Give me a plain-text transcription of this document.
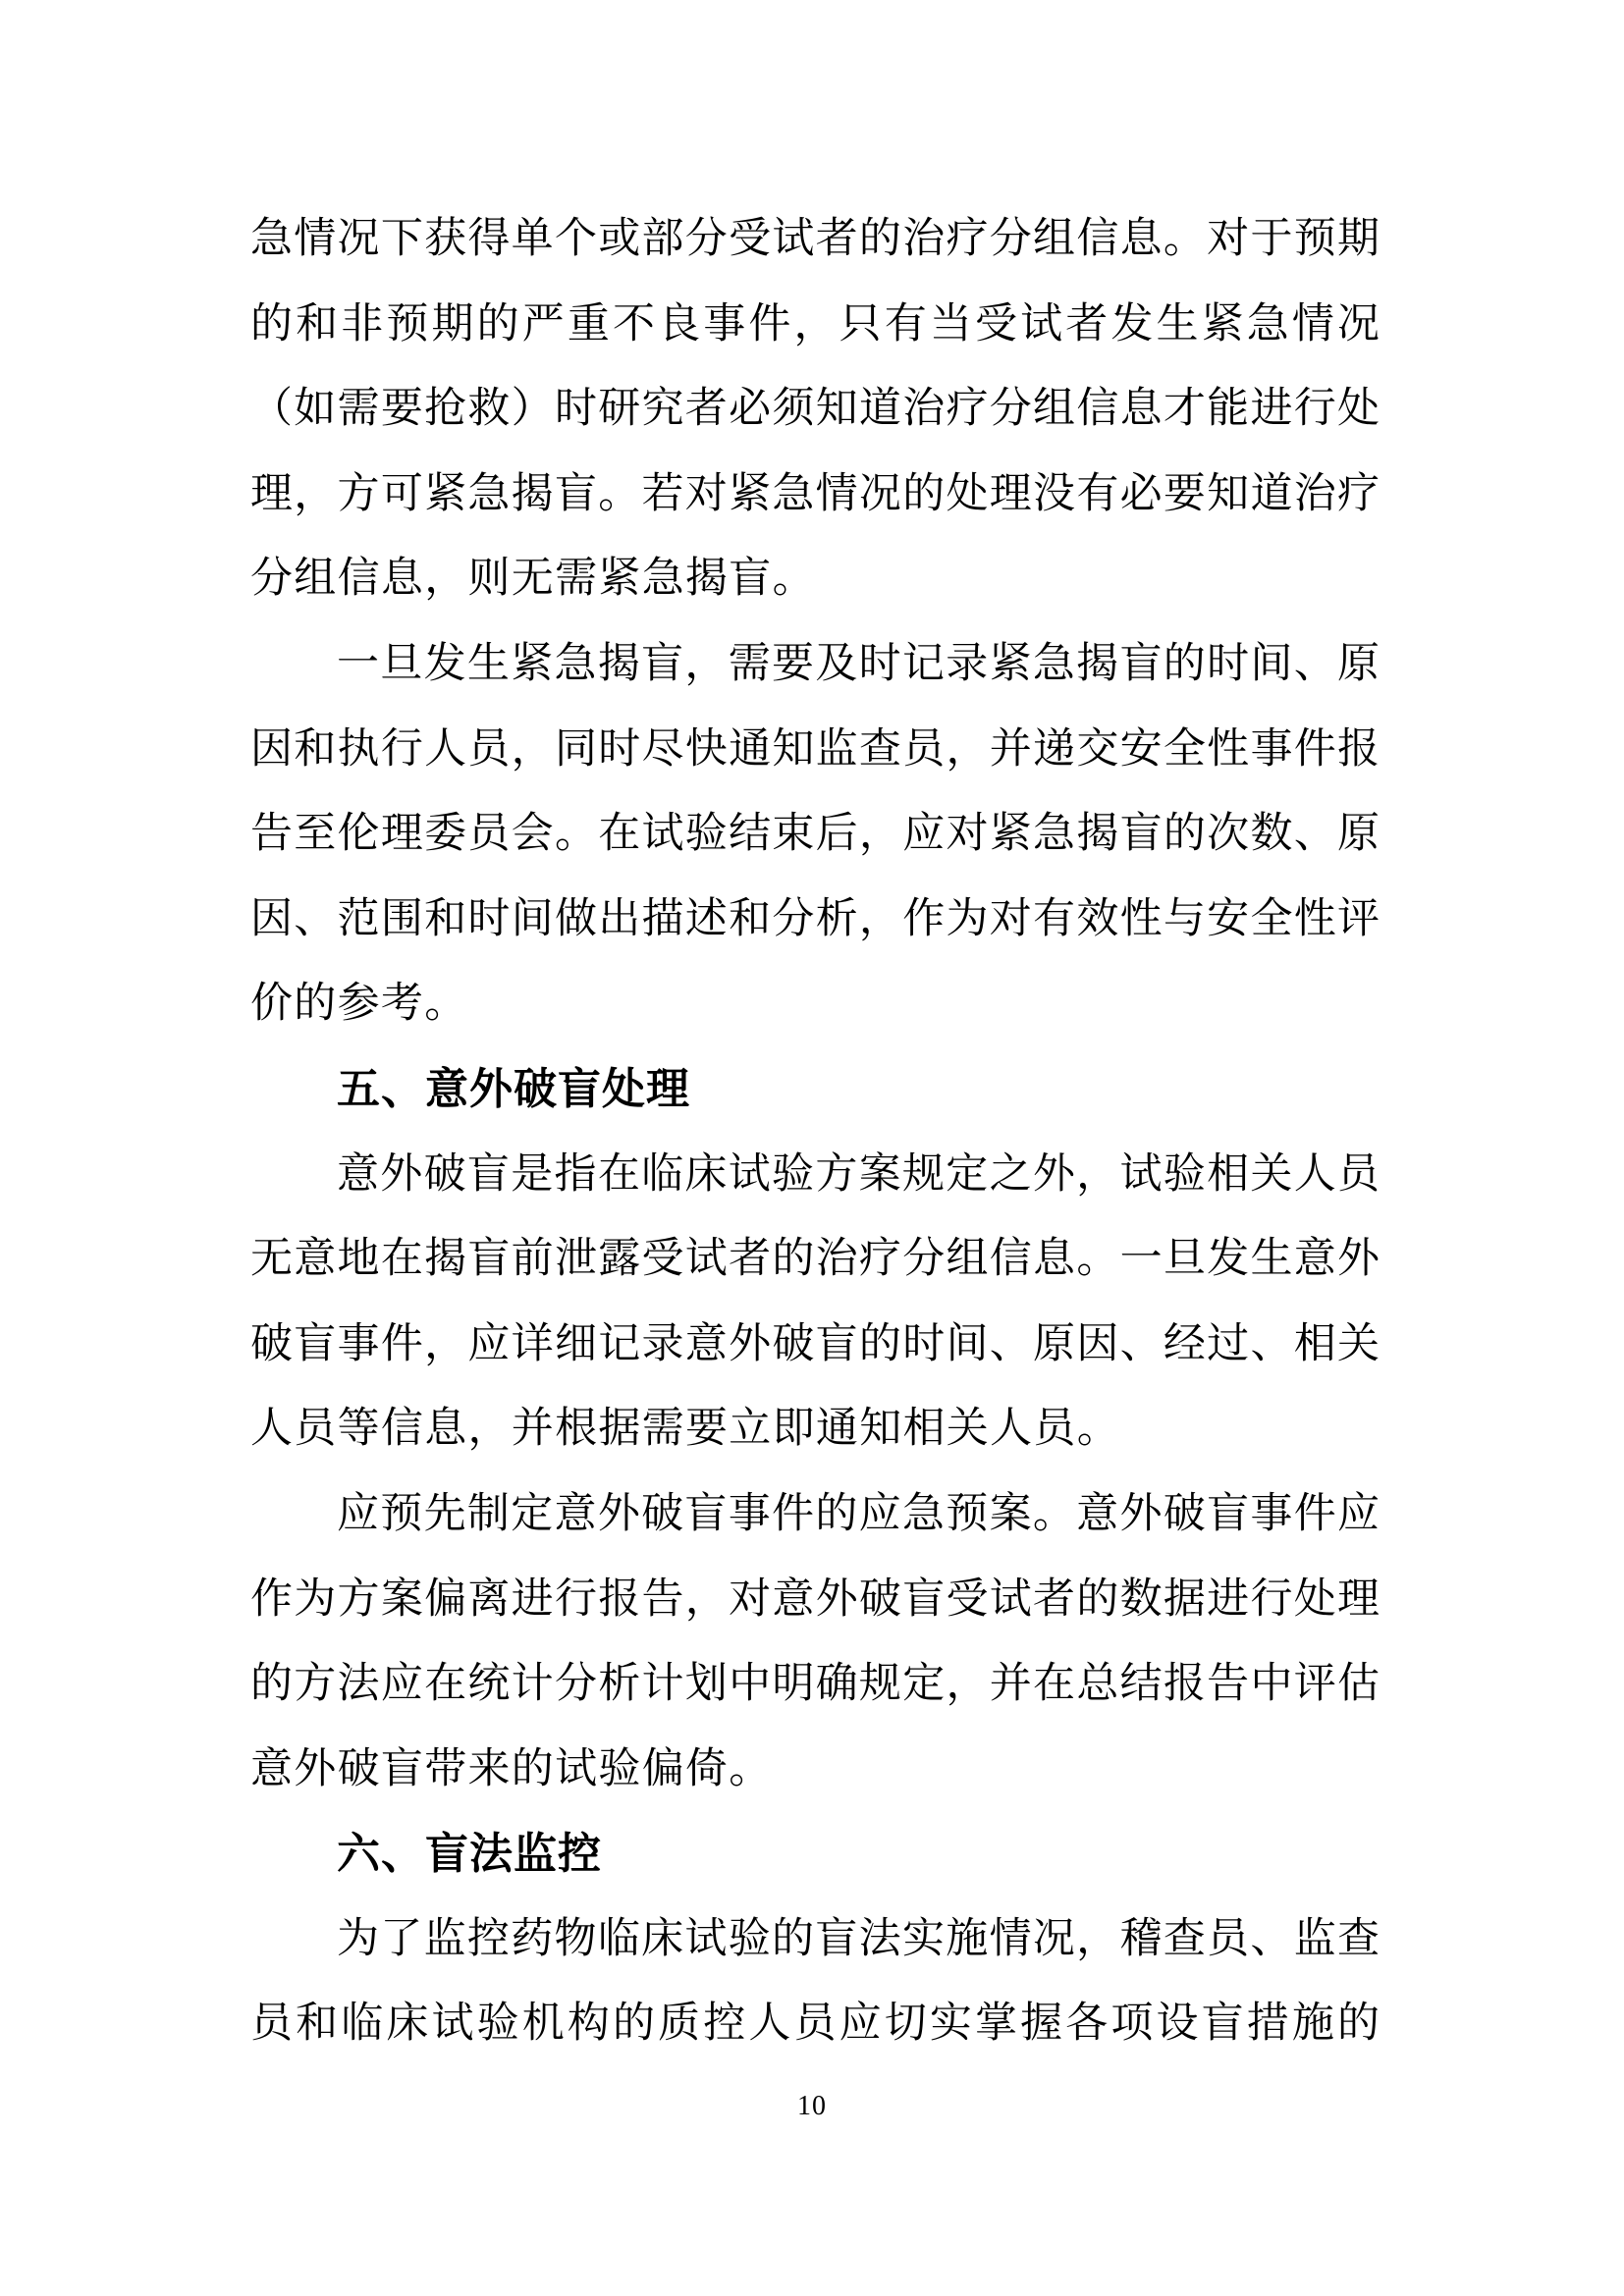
急情况下获得单个或部分受试者的治疗分组信息。对于预期
的和非预期的严重不良事件，只有当受试者发生紧急情况
（如需要抢救）时研究者必须知道治疗分组信息才能进行处
理，方可紧急揭盲。若对紧急情况的处理没有必要知道治疗
分组信息，则无需紧急揭盲。
一旦发生紧急揭盲，需要及时记录紧急揭盲的时间、原
因和执行人员，同时尽快通知监查员，并递交安全性事件报
告至伦理委员会。在试验结束后，应对紧急揭盲的次数、原
因、范围和时间做出描述和分析，作为对有效性与安全性评
价的参考。
五、意外破盲处理
意外破盲是指在临床试验方案规定之外，试验相关人员
无意地在揭盲前泄露受试者的治疗分组信息。一旦发生意外
破盲事件，应详细记录意外破盲的时间、原因、经过、相关
人员等信息，并根据需要立即通知相关人员。
应预先制定意外破盲事件的应急预案。意外破盲事件应
作为方案偏离进行报告，对意外破盲受试者的数据进行处理
的方法应在统计分析计划中明确规定，并在总结报告中评估
意外破盲带来的试验偏倚。
六、盲法监控
为了监控药物临床试验的盲法实施情况，稽查员、监查
员和临床试验机构的质控人员应切实掌握各项设盲措施的
10
